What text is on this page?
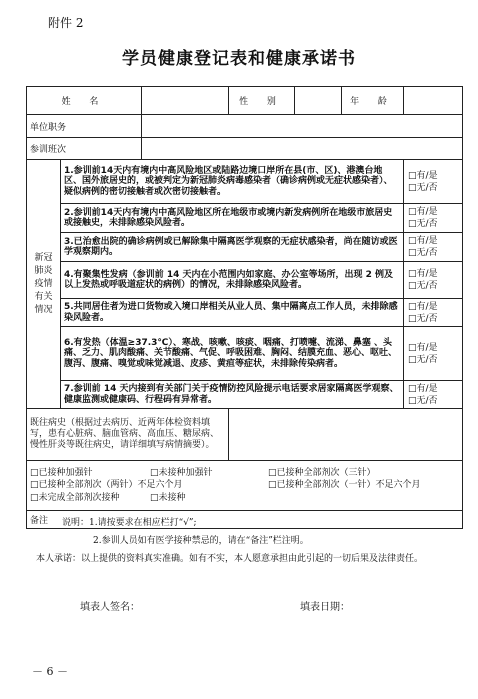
附件 2
学员健康登记表和健康承诺书
姓 名			性 别		年 龄	
单位职务						
参训班次						
新冠
肺炎
疫情
有关
情况	1.参训前14天内有境内中高风险地区或陆路边境口岸所在县(市、区)、港澳台地区、国外旅居史的，或被判定为新冠肺炎病毒感染者（确诊病例或无症状感染者）、疑似病例的密切接触者或次密切接触者。					□有/是
□无/否
	2.参训前14天内有境内中高风险地区所在地级市或境内新发病例所在地级市旅居史或接触史，未排除感染风险者。					□有/是
□无/否
	3.已治愈出院的确诊病例或已解除集中隔离医学观察的无症状感染者，尚在随访或医学观察期内。					□有/是
□无/否
	4.有聚集性发病（参训前 14 天内在小范围内如家庭、办公室等场所，出现 2 例及以上发热或呼吸道症状的病例）的情况，未排除感染风险者。					□有/是
□无/否
	5.共同居住者为进口货物或入境口岸相关从业人员、集中隔离点工作人员，未排除感染风险者。					□有/是
□无/否
	6.有发热（体温≥37.3℃）、寒战、咳嗽、咳痰、咽痛、打喷嚏、流涕、鼻塞 、头痛、乏力、肌肉酸痛、关节酸痛、气促、呼吸困难、胸闷、结膜充血、恶心、呕吐、腹泻、腹痛、嗅觉或味觉减退、皮疹、黄疸等症状，未排除传染病者。					□有/是
□无/否
	7.参训前 14 天内接到有关部门关于疫情防控风险提示电话要求居家隔离医学观察、健康监测或健康码、行程码有异常者。					□有/是
□无/否
既往病史（根据过去病历、近两年体检资料填写，患有心脏病、脑血管病、高血压、糖尿病、慢性肝炎等既往病史，请详细填写病情摘要）。						
□已接种加强针 □未接种加强针 □已接种全部剂次（三针）
□已接种全部剂次（两针）不足六个月 □已接种全部剂次（一针）不足六个月
□未完成全部剂次接种 □未接种						
备注							说明：1.请按要求在相应栏打“√”;

2.参训人员如有医学接种禁忌的，请在“备注”栏注明。

本人承诺：以上提供的资料真实准确。如有不实，本人愿意承担由此引起的一切后果及法律责任。

填表人签名：	填表日期：
－ 6 －
